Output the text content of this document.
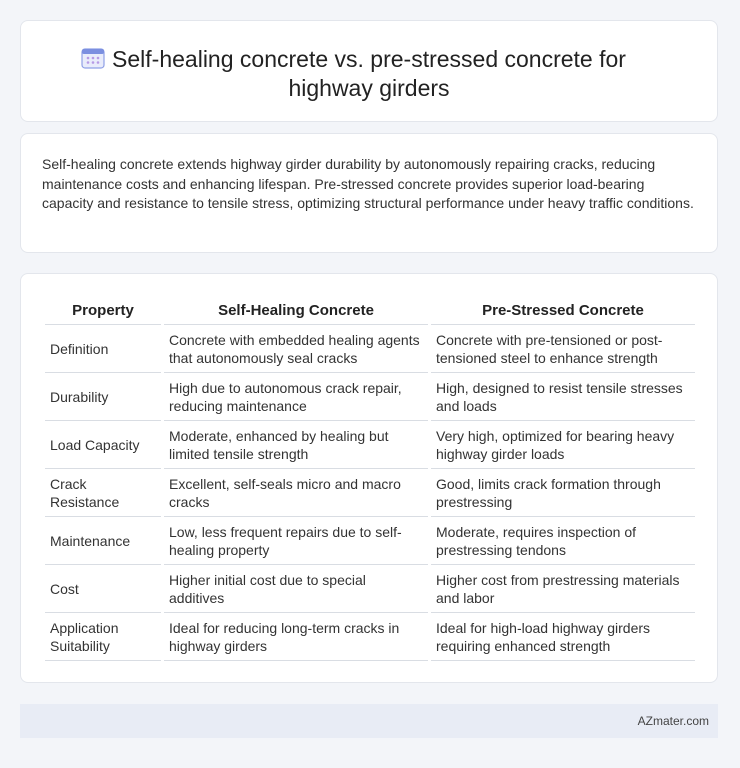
Self-healing concrete vs. pre-stressed concrete for
highway girders

Self-healing concrete extends highway girder durability by autonomously repairing cracks, reducing maintenance costs and enhancing lifespan. Pre-stressed concrete provides superior load-bearing capacity and resistance to tensile stress, optimizing structural performance under heavy traffic conditions.

Property	Self-Healing Concrete	Pre-Stressed Concrete
Definition	Concrete with embedded healing agents that autonomously seal cracks	Concrete with pre-tensioned or post-tensioned steel to enhance strength
Durability	High due to autonomous crack repair, reducing maintenance	High, designed to resist tensile stresses and loads
Load Capacity	Moderate, enhanced by healing but limited tensile strength	Very high, optimized for bearing heavy highway girder loads
Crack Resistance	Excellent, self-seals micro and macro cracks	Good, limits crack formation through prestressing
Maintenance	Low, less frequent repairs due to self-healing property	Moderate, requires inspection of prestressing tendons
Cost	Higher initial cost due to special additives	Higher cost from prestressing materials and labor
Application Suitability	Ideal for reducing long-term cracks in highway girders	Ideal for high-load highway girders requiring enhanced strength
AZmater.com
